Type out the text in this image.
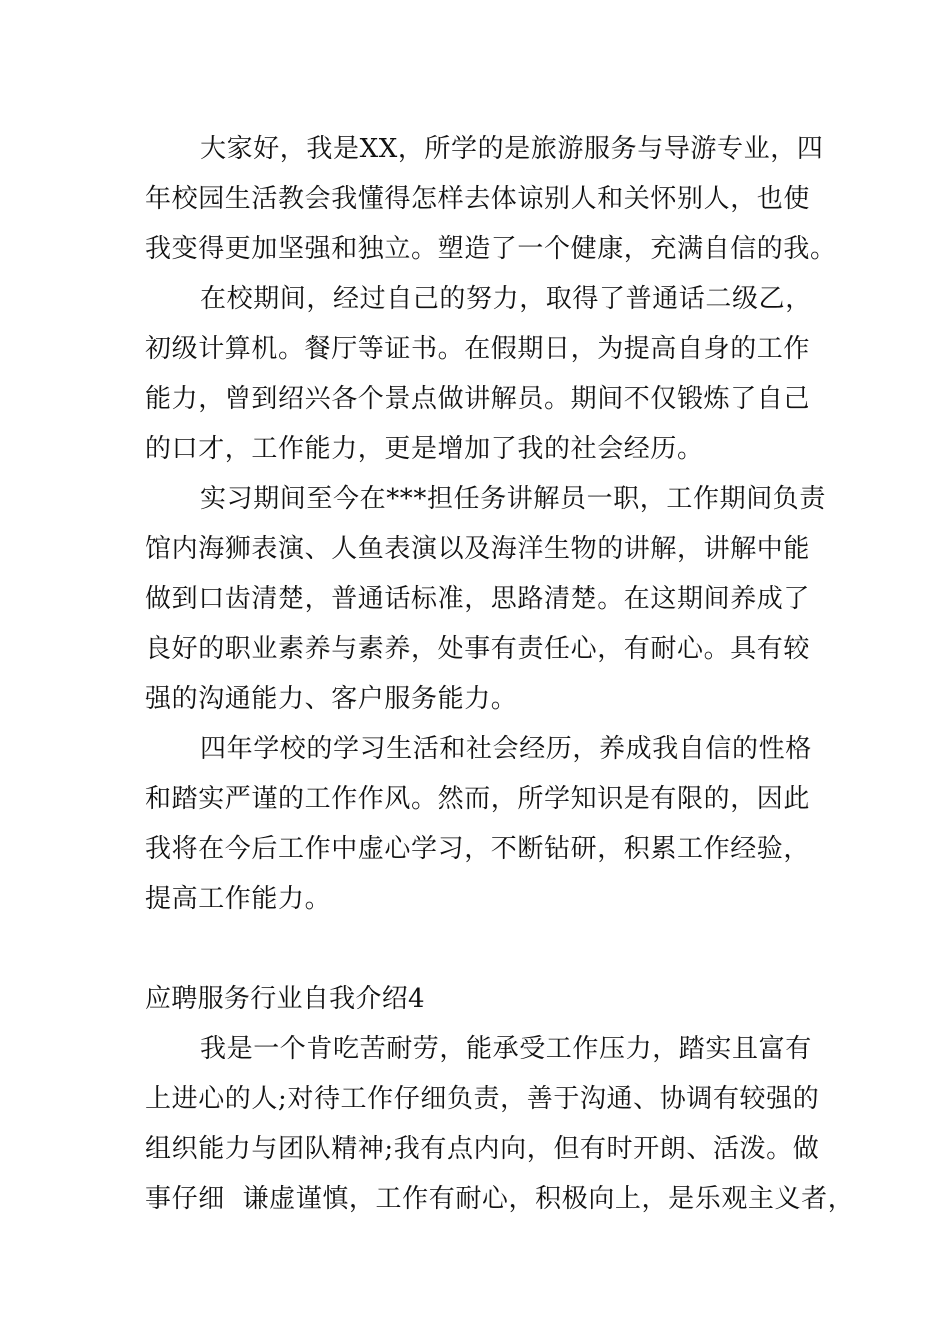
大家好，我是XX，所学的是旅游服务与导游专业，四
年校园生活教会我懂得怎样去体谅别人和关怀别人，也使
我变得更加坚强和独立。塑造了一个健康，充满自信的我。
在校期间，经过自己的努力，取得了普通话二级乙，
初级计算机。餐厅等证书。在假期日，为提高自身的工作
能力，曾到绍兴各个景点做讲解员。期间不仅锻炼了自己
的口才，工作能力，更是增加了我的社会经历。
实习期间至今在***担任务讲解员一职，工作期间负责
馆内海狮表演、人鱼表演以及海洋生物的讲解，讲解中能
做到口齿清楚，普通话标准，思路清楚。在这期间养成了
良好的职业素养与素养，处事有责任心，有耐心。具有较
强的沟通能力、客户服务能力。
四年学校的学习生活和社会经历，养成我自信的性格
和踏实严谨的工作作风。然而，所学知识是有限的，因此
我将在今后工作中虚心学习，不断钻研，积累工作经验，
提高工作能力。
应聘服务行业自我介绍4
我是一个肯吃苦耐劳，能承受工作压力，踏实且富有
上进心的人;对待工作仔细负责，善于沟通、协调有较强的
组织能力与团队精神;我有点内向，但有时开朗、活泼。做
事仔细  谦虚谨慎，工作有耐心，积极向上，是乐观主义者，
